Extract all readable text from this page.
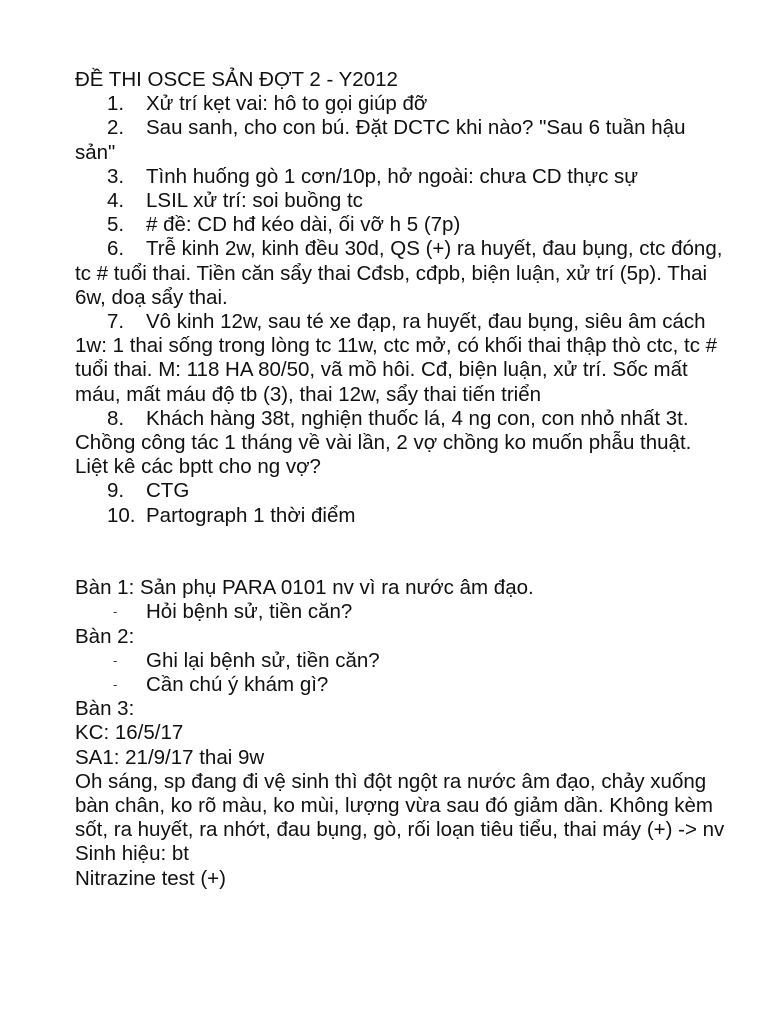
ĐỀ THI OSCE SẢN ĐỢT 2 - Y2012

1. Xử trí kẹt vai: hô to gọi giúp đỡ
2. Sau sanh, cho con bú. Đặt DCTC khi nào? "Sau 6 tuần hậu sản"
3. Tình huống gò 1 cơn/10p, hở ngoài: chưa CD thực sự
4. LSIL xử trí: soi buồng tc
5. # đề: CD hđ kéo dài, ối vỡ h 5 (7p)
6. Trễ kinh 2w, kinh đều 30d, QS (+) ra huyết, đau bụng, ctc đóng, tc # tuổi thai. Tiền căn sẩy thai Cđsb, cđpb, biện luận, xử trí (5p). Thai 6w, doạ sẩy thai.
7. Vô kinh 12w, sau té xe đạp, ra huyết, đau bụng, siêu âm cách 1w: 1 thai sống trong lòng tc 11w, ctc mở, có khối thai thập thò ctc, tc # tuổi thai. M: 118 HA 80/50, vã mồ hôi. Cđ, biện luận, xử trí. Sốc mất máu, mất máu độ tb (3), thai 12w, sẩy thai tiến triển
8. Khách hàng 38t, nghiện thuốc lá, 4 ng con, con nhỏ nhất 3t. Chồng công tác 1 tháng về vài lần, 2 vợ chồng ko muốn phẫu thuật. Liệt kê các bptt cho ng vợ?
9. CTG
10. Partograph 1 thời điểm

Bàn 1: Sản phụ PARA 0101 nv vì ra nước âm đạo.

- Hỏi bệnh sử, tiền căn?

Bàn 2:

- Ghi lại bệnh sử, tiền căn?
- Cần chú ý khám gì?

Bàn 3:

KC: 16/5/17

SA1: 21/9/17 thai 9w

Oh sáng, sp đang đi vệ sinh thì đột ngột ra nước âm đạo, chảy xuống bàn chân, ko rõ màu, ko mùi, lượng vừa sau đó giảm dần. Không kèm sốt, ra huyết, ra nhớt, đau bụng, gò, rối loạn tiêu tiểu, thai máy (+) -> nv

Sinh hiệu: bt

Nitrazine test (+)
